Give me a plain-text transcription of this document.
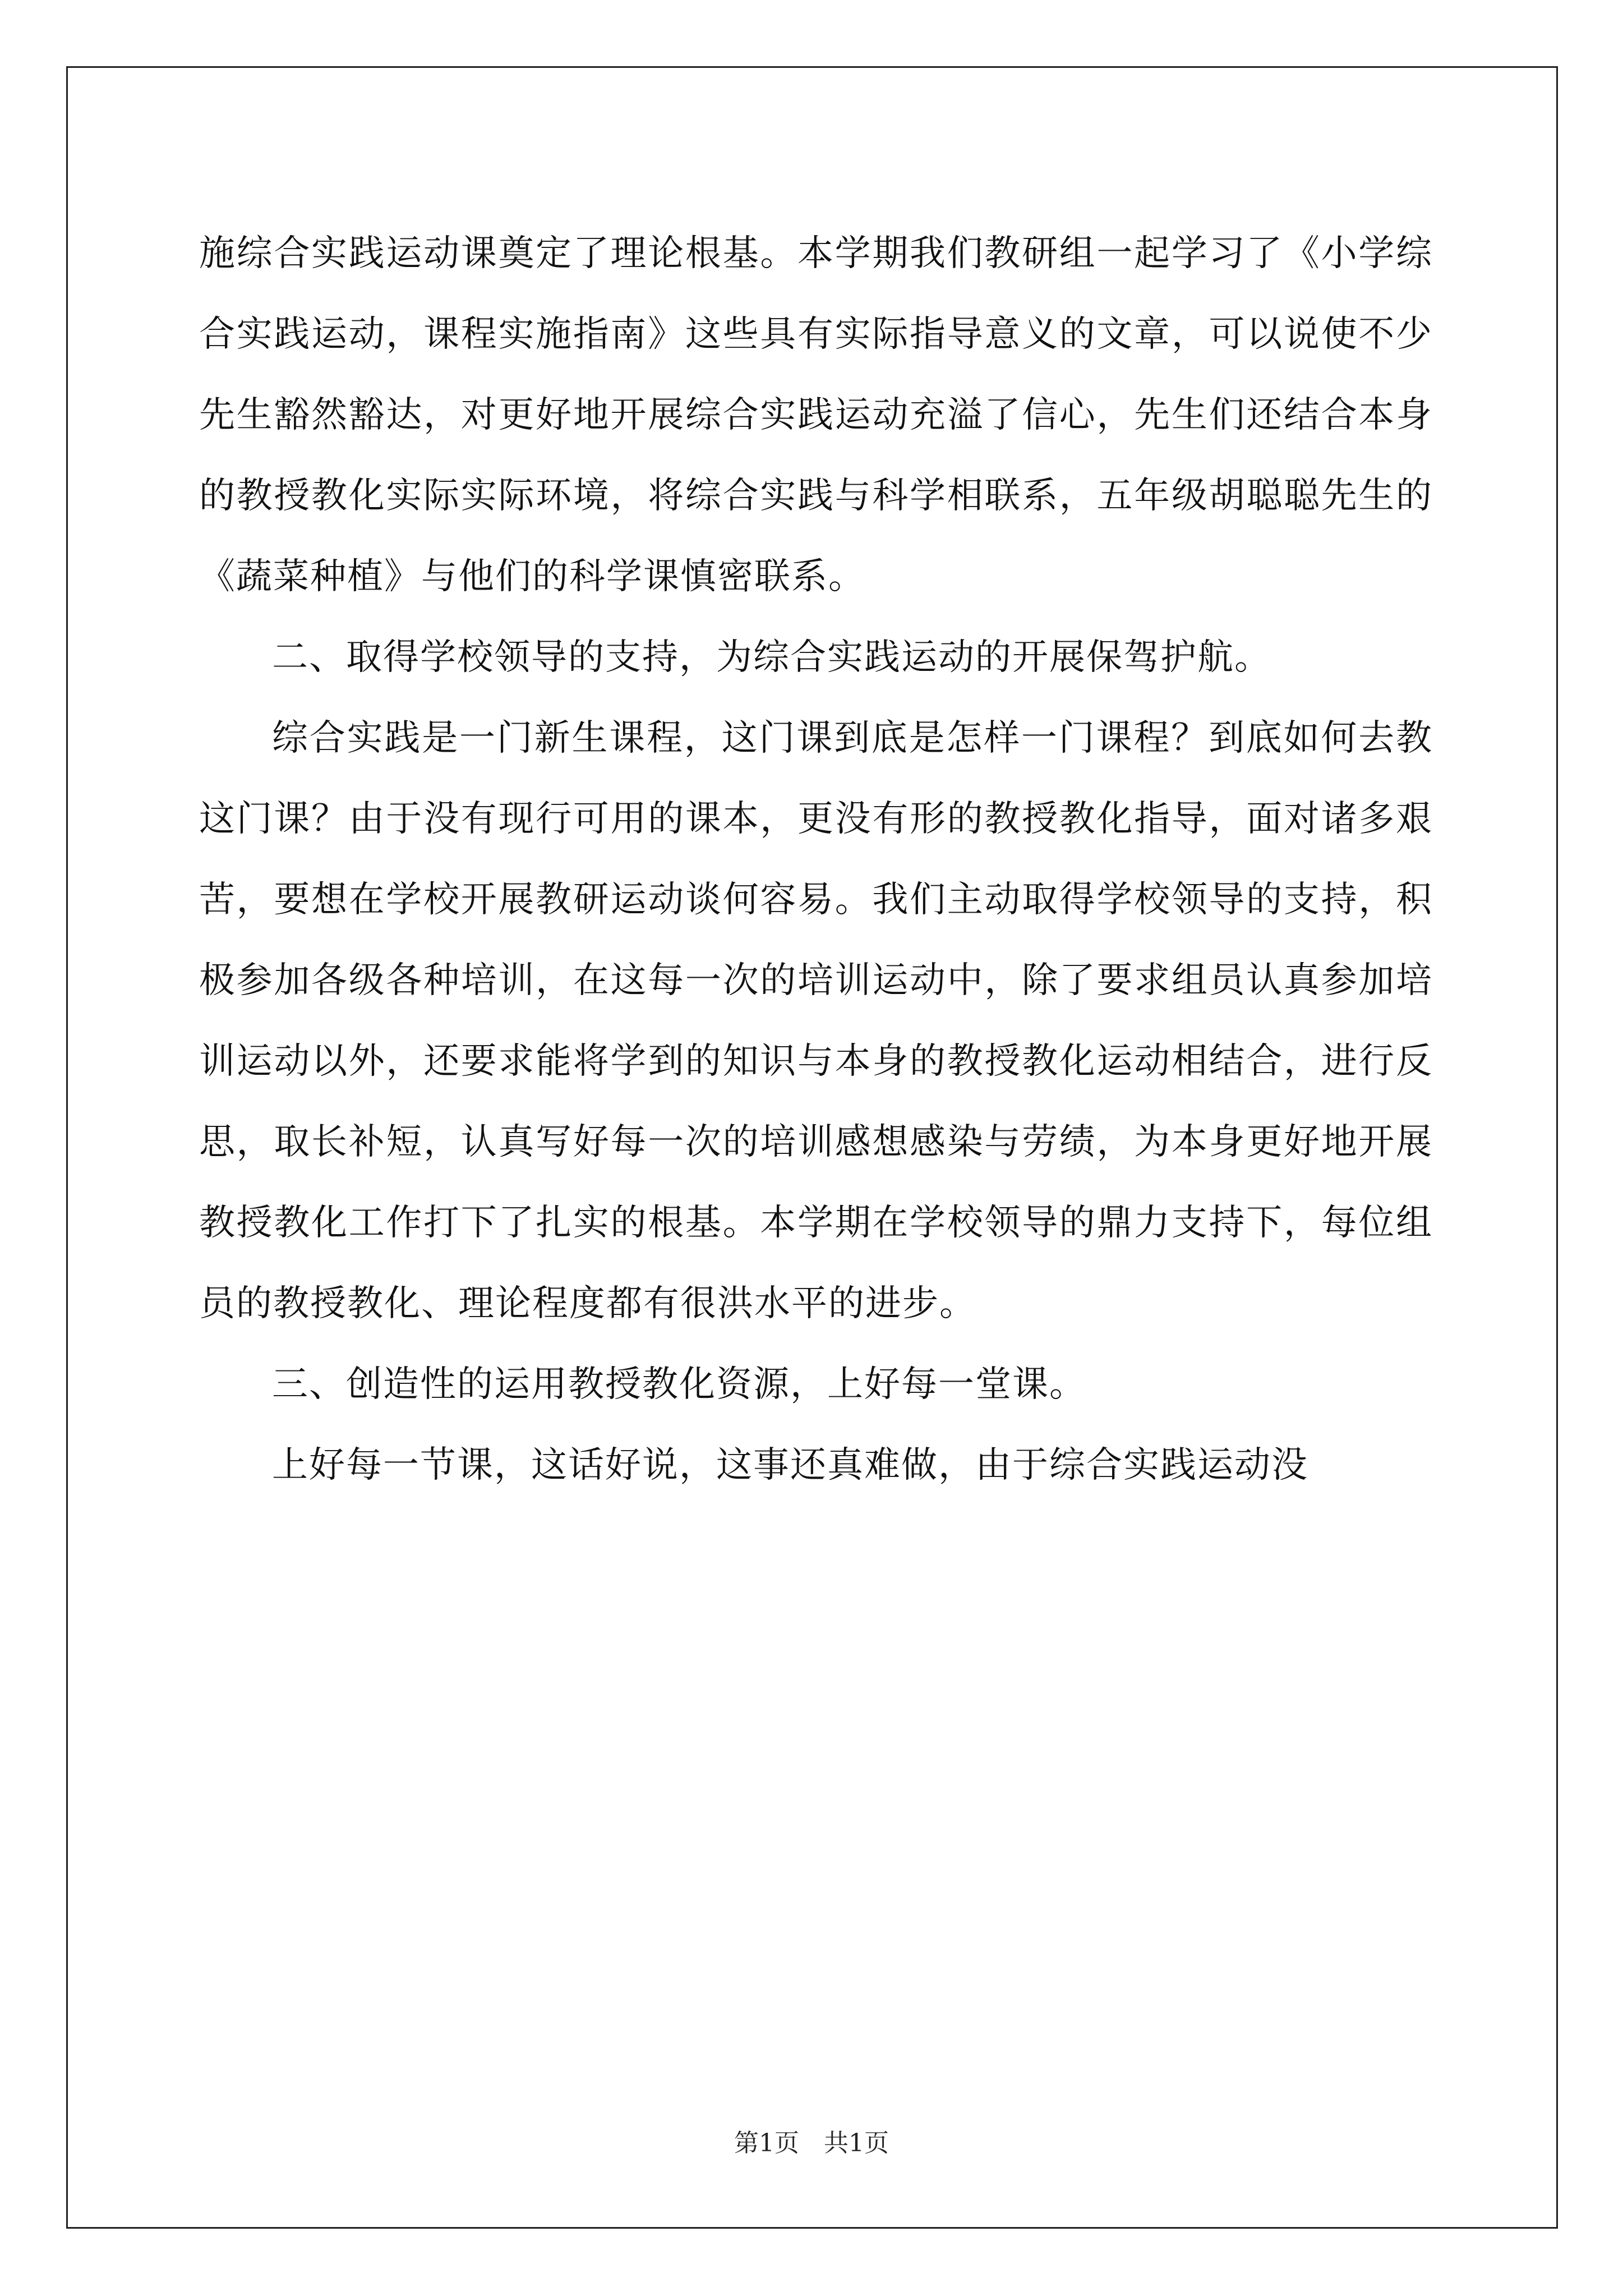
施综合实践运动课奠定了理论根基。本学期我们教研组一起学习了《小学综合实践运动，课程实施指南》这些具有实际指导意义的文章，可以说使不少先生豁然豁达，对更好地开展综合实践运动充溢了信心，先生们还结合本身的教授教化实际实际环境，将综合实践与科学相联系，五年级胡聪聪先生的《蔬菜种植》与他们的科学课慎密联系。

二、取得学校领导的支持，为综合实践运动的开展保驾护航。

综合实践是一门新生课程，这门课到底是怎样一门课程？到底如何去教这门课？由于没有现行可用的课本，更没有形的教授教化指导，面对诸多艰苦，要想在学校开展教研运动谈何容易。我们主动取得学校领导的支持，积极参加各级各种培训，在这每一次的培训运动中，除了要求组员认真参加培训运动以外，还要求能将学到的知识与本身的教授教化运动相结合，进行反思，取长补短，认真写好每一次的培训感想感染与劳绩，为本身更好地开展教授教化工作打下了扎实的根基。本学期在学校领导的鼎力支持下，每位组员的教授教化、理论程度都有很洪水平的进步。

三、创造性的运用教授教化资源，上好每一堂课。

上好每一节课，这话好说，这事还真难做，由于综合实践运动没

第1页　共1页
